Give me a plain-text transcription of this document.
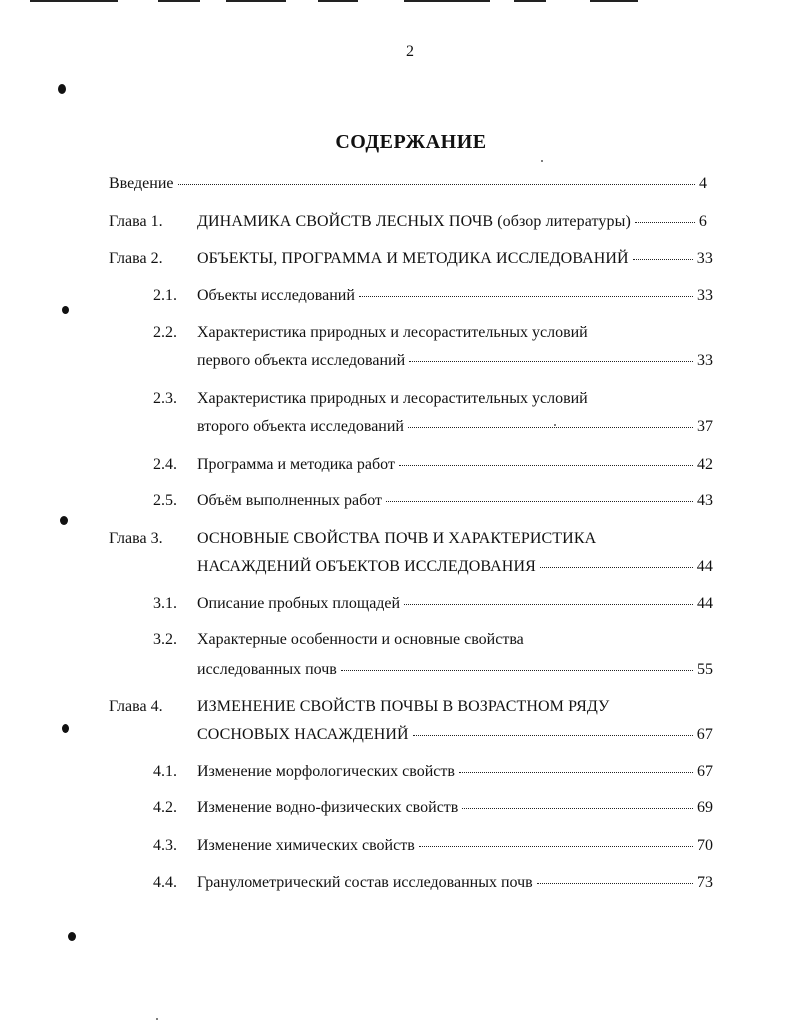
2
СОДЕРЖАНИЕ
Введение	4
Глава 1. ДИНАМИКА СВОЙСТВ ЛЕСНЫХ ПОЧВ (обзор литературы)	6
Глава 2. ОБЪЕКТЫ, ПРОГРАММА И МЕТОДИКА ИССЛЕДОВАНИЙ	33
2.1. Объекты исследований	33
2.2. Характеристика природных и лесорастительных условий
первого объекта исследований	33
2.3. Характеристика природных и лесорастительных условий
второго объекта исследований	37
2.4. Программа и методика работ	42
2.5. Объём выполненных работ	43
Глава 3. ОСНОВНЫЕ СВОЙСТВА ПОЧВ И ХАРАКТЕРИСТИКА
НАСАЖДЕНИЙ ОБЪЕКТОВ ИССЛЕДОВАНИЯ	44
3.1. Описание пробных площадей	44
3.2. Характерные особенности и основные свойства
исследованных почв	55
Глава 4. ИЗМЕНЕНИЕ СВОЙСТВ ПОЧВЫ В ВОЗРАСТНОМ РЯДУ
СОСНОВЫХ НАСАЖДЕНИЙ	67
4.1. Изменение морфологических свойств	67
4.2. Изменение водно-физических свойств	69
4.3. Изменение химических свойств	70
4.4. Гранулометрический состав исследованных почв	73
